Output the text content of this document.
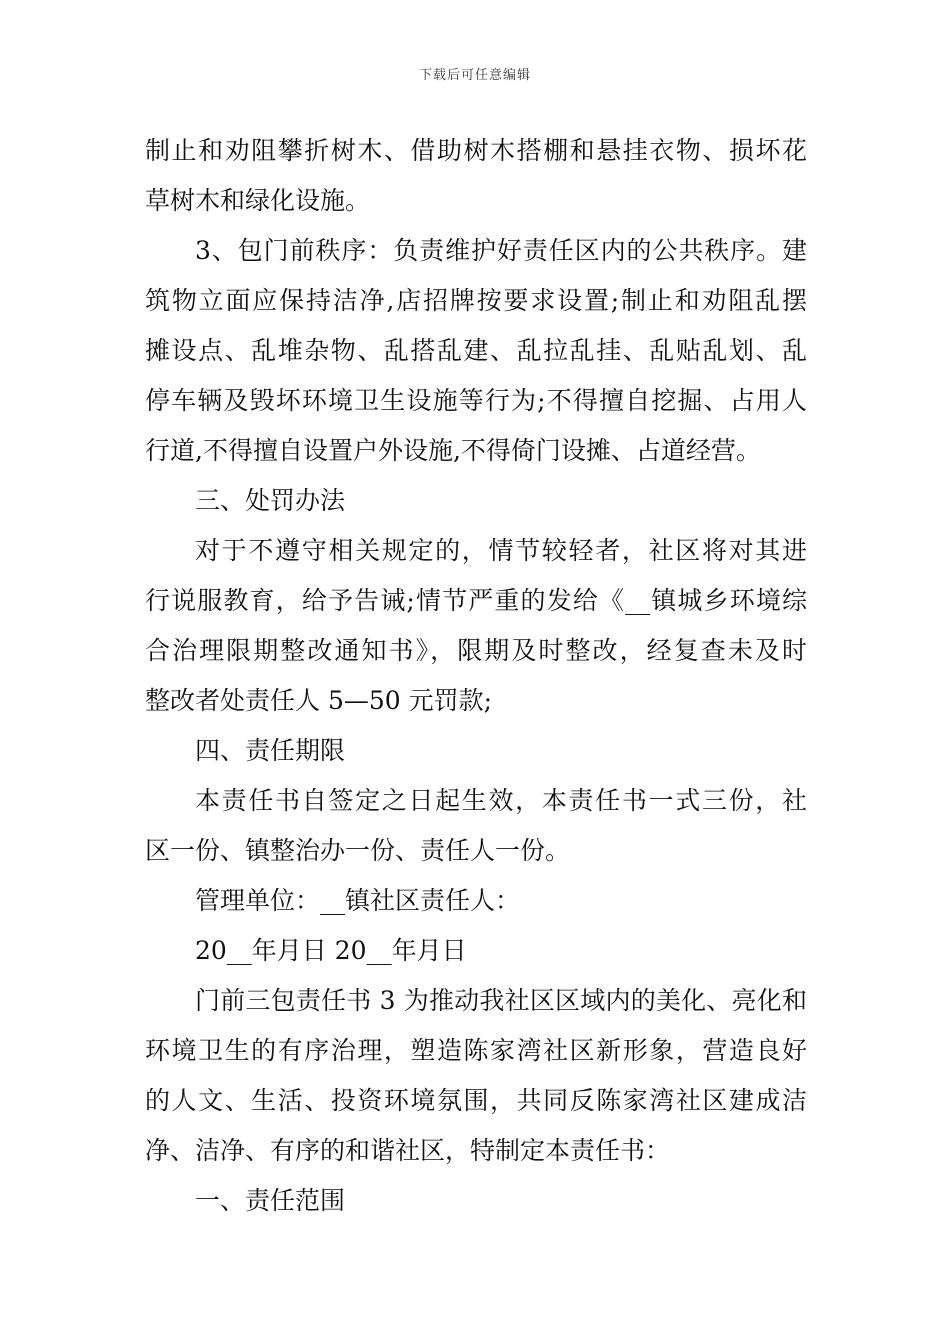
下载后可任意编辑
制止和劝阻攀折树木、借助树木搭棚和悬挂衣物、损坏花
草树木和绿化设施。
3、包门前秩序：负责维护好责任区内的公共秩序。建
筑物立面应保持洁净,店招牌按要求设置;制止和劝阻乱摆
摊设点、乱堆杂物、乱搭乱建、乱拉乱挂、乱贴乱划、乱
停车辆及毁坏环境卫生设施等行为;不得擅自挖掘、占用人
行道,不得擅自设置户外设施,不得倚门设摊、占道经营。
三、处罚办法
对于不遵守相关规定的，情节较轻者，社区将对其进
行说服教育，给予告诫;情节严重的发给《__镇城乡环境综
合治理限期整改通知书》，限期及时整改，经复查未及时
整改者处责任人 5—50 元罚款;
四、责任期限
本责任书自签定之日起生效，本责任书一式三份，社
区一份、镇整治办一份、责任人一份。
管理单位：__镇社区责任人：
20__年月日 20__年月日
门前三包责任书 3 为推动我社区区域内的美化、亮化和
环境卫生的有序治理，塑造陈家湾社区新形象，营造良好
的人文、生活、投资环境氛围，共同反陈家湾社区建成洁
净、洁净、有序的和谐社区，特制定本责任书：
一、责任范围
